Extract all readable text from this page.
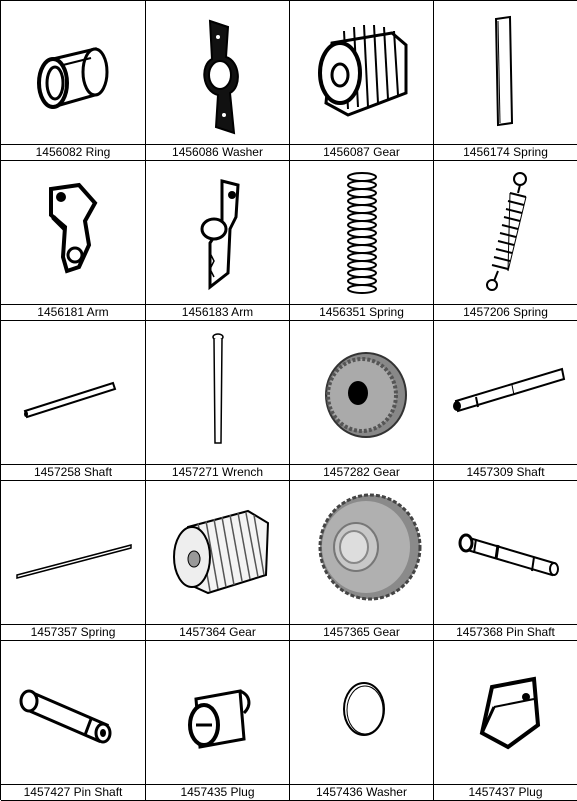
1456082 Ring	1456086 Washer	1456087 Gear	1456174 Spring
1456181 Arm	1456183 Arm	1456351 Spring	1457206 Spring
1457258 Shaft	1457271 Wrench	1457282 Gear	1457309 Shaft
1457357 Spring	1457364 Gear	1457365 Gear	1457368 Pin Shaft
1457427 Pin Shaft	1457435 Plug	1457436 Washer	1457437 Plug
